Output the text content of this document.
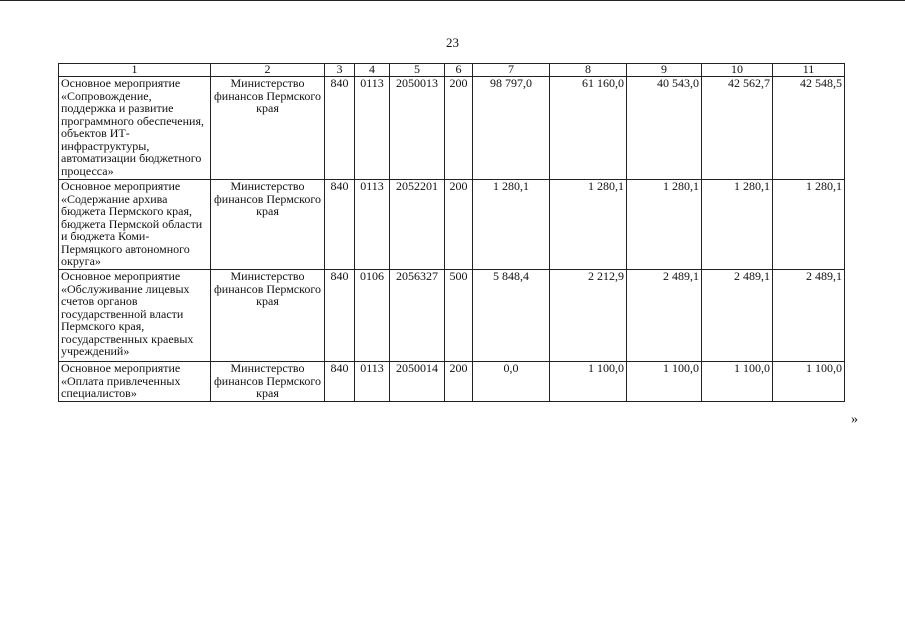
23
1	2	3	4	5	6	7	8	9	10	11
Основное мероприятие «Сопровождение, поддержка и развитие программного обеспечения, объектов ИТ-инфраструктуры, автоматизации бюджетного процесса»	Министерство финансов Пермского края	840	0113	2050013	200	98 797,0	61 160,0	40 543,0	42 562,7	42 548,5
Основное мероприятие «Содержание архива бюджета Пермского края, бюджета Пермской области и бюджета Коми-Пермяцкого автономного округа»	Министерство финансов Пермского края	840	0113	2052201	200	1 280,1	1 280,1	1 280,1	1 280,1	1 280,1
Основное мероприятие «Обслуживание лицевых счетов органов государственной власти Пермского края, государственных краевых учреждений»	Министерство финансов Пермского края	840	0106	2056327	500	5 848,4	2 212,9	2 489,1	2 489,1	2 489,1
Основное мероприятие «Оплата привлеченных специалистов»	Министерство финансов Пермского края	840	0113	2050014	200	0,0	1 100,0	1 100,0	1 100,0	1 100,0
»
